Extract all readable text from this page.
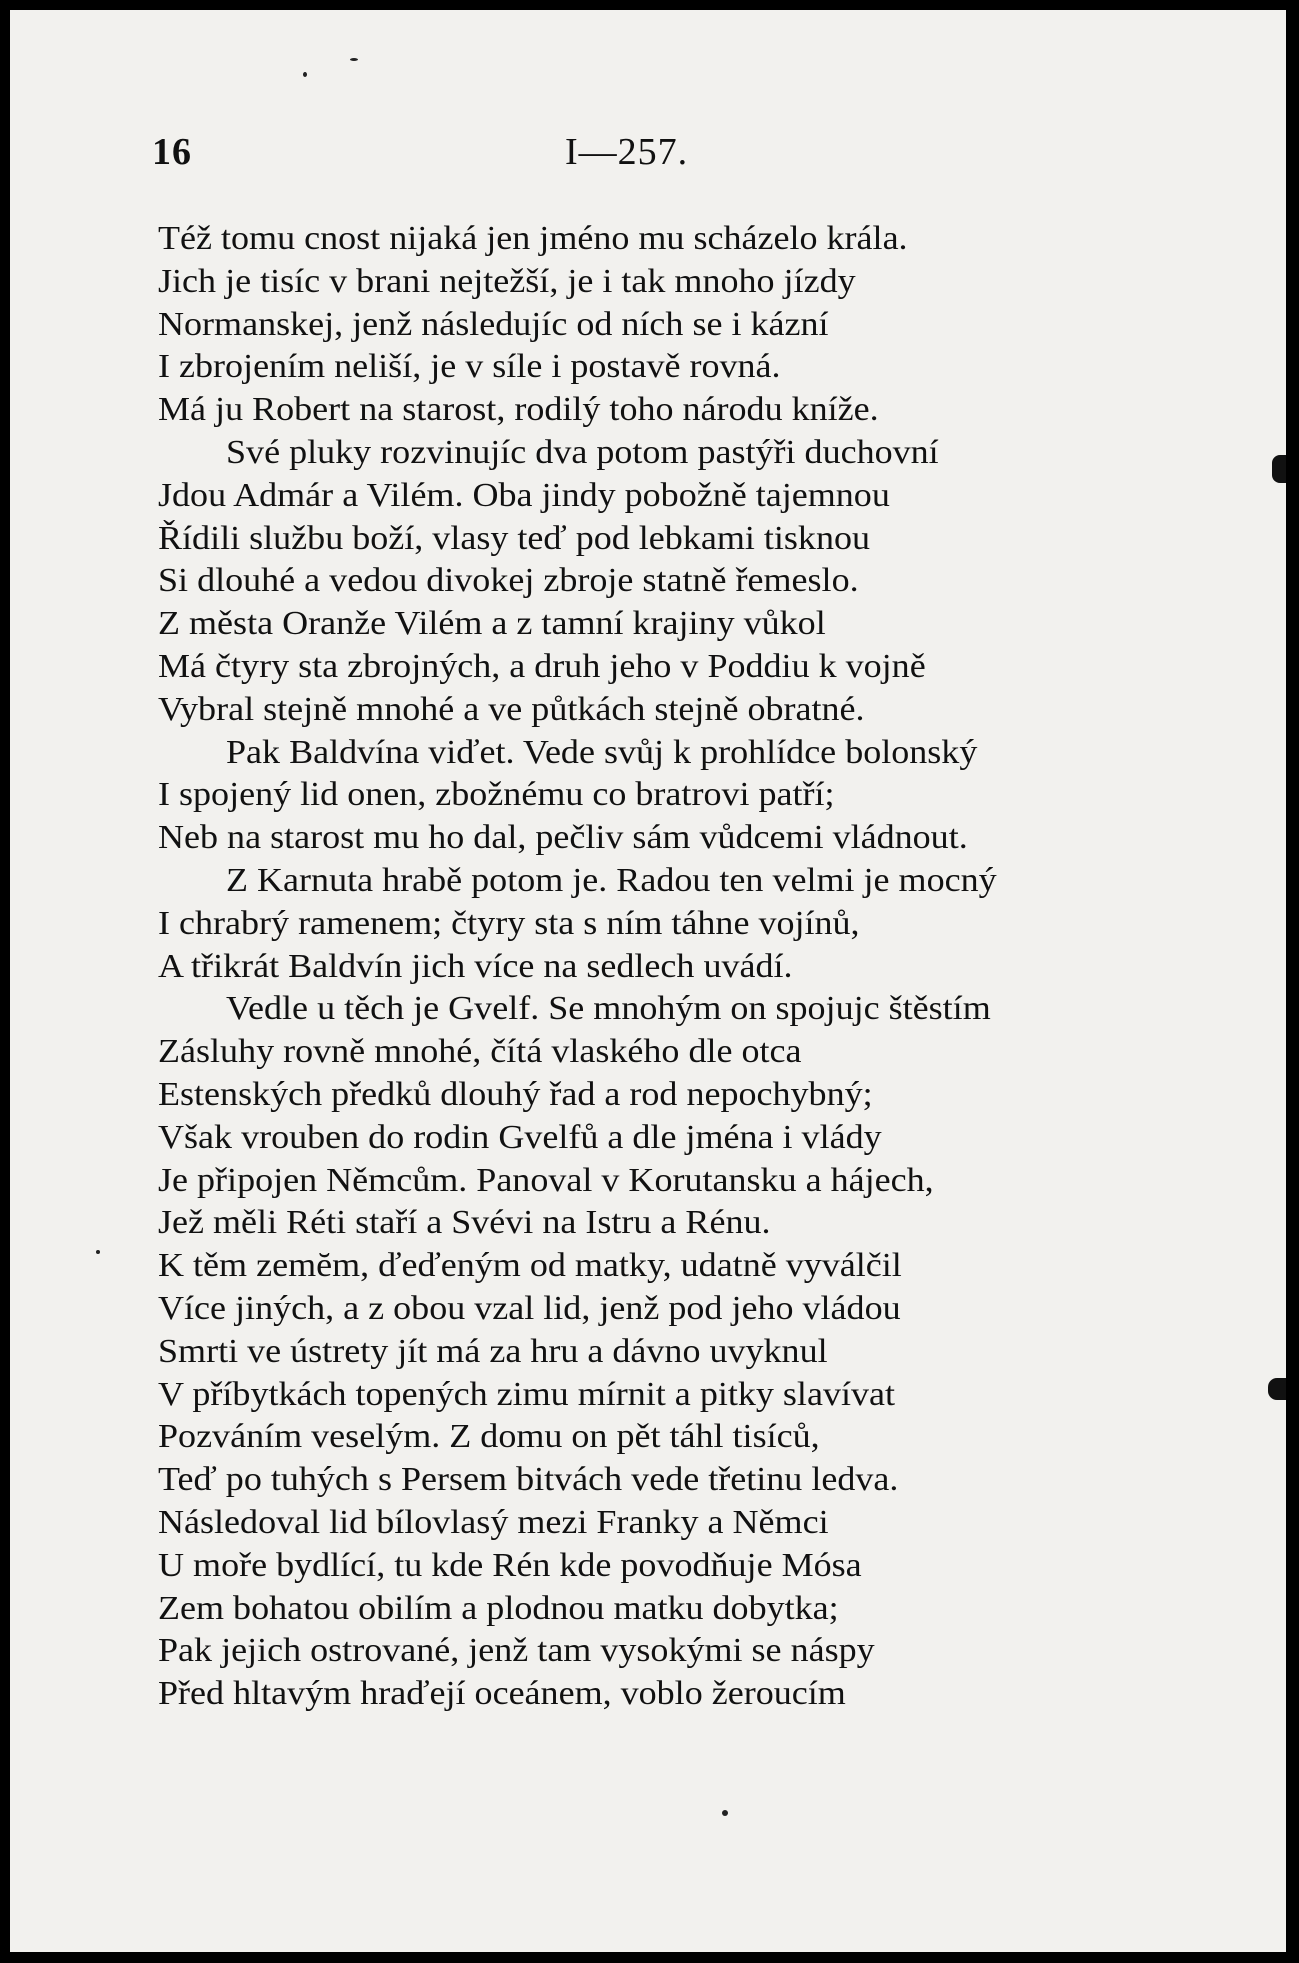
16	I—257.
Též tomu cnost nijaká jen jméno mu scházelo krála.
Jich je tisíc v brani nejtežší, je i tak mnoho jízdy
Normanskej, jenž následujíc od ních se i kázní
I zbrojením neliší, je v síle i postavě rovná.
Má ju Robert na starost, rodilý toho národu kníže.
Své pluky rozvinujíc dva potom pastýři duchovní
Jdou Admár a Vilém. Oba jindy pobožně tajemnou
Řídili službu boží, vlasy teď pod lebkami tisknou
Si dlouhé a vedou divokej zbroje statně řemeslo.
Z města Oranže Vilém a z tamní krajiny vůkol
Má čtyry sta zbrojných, a druh jeho v Poddiu k vojně
Vybral stejně mnohé a ve půtkách stejně obratné.
Pak Baldvína viďet. Vede svůj k prohlídce bolonský
I spojený lid onen, zbožnému co bratrovi patří;
Neb na starost mu ho dal, pečliv sám vůdcemi vládnout.
Z Karnuta hrabě potom je. Radou ten velmi je mocný
I chrabrý ramenem; čtyry sta s ním táhne vojínů,
A třikrát Baldvín jich více na sedlech uvádí.
Vedle u těch je Gvelf. Se mnohým on spojujc štěstím
Zásluhy rovně mnohé, čítá vlaského dle otca
Estenských předků dlouhý řad a rod nepochybný;
Však vrouben do rodin Gvelfů a dle jména i vlády
Je připojen Němcům. Panoval v Korutansku a hájech,
Jež měli Réti staří a Svévi na Istru a Rénu.
K těm zemĕm, ďeďeným od matky, udatně vyválčil
Více jiných, a z obou vzal lid, jenž pod jeho vládou
Smrti ve ústrety jít má za hru a dávno uvyknul
V příbytkách topených zimu mírnit a pitky slavívat
Pozváním veselým. Z domu on pět táhl tisíců,
Teď po tuhých s Persem bitvách vede třetinu ledva.
Následoval lid bílovlasý mezi Franky a Němci
U moře bydlící, tu kde Rén kde povodňuje Mósa
Zem bohatou obilím a plodnou matku dobytka;
Pak jejich ostrované, jenž tam vysokými se náspy
Před hltavým hraďejí oceánem, voblo žeroucím
